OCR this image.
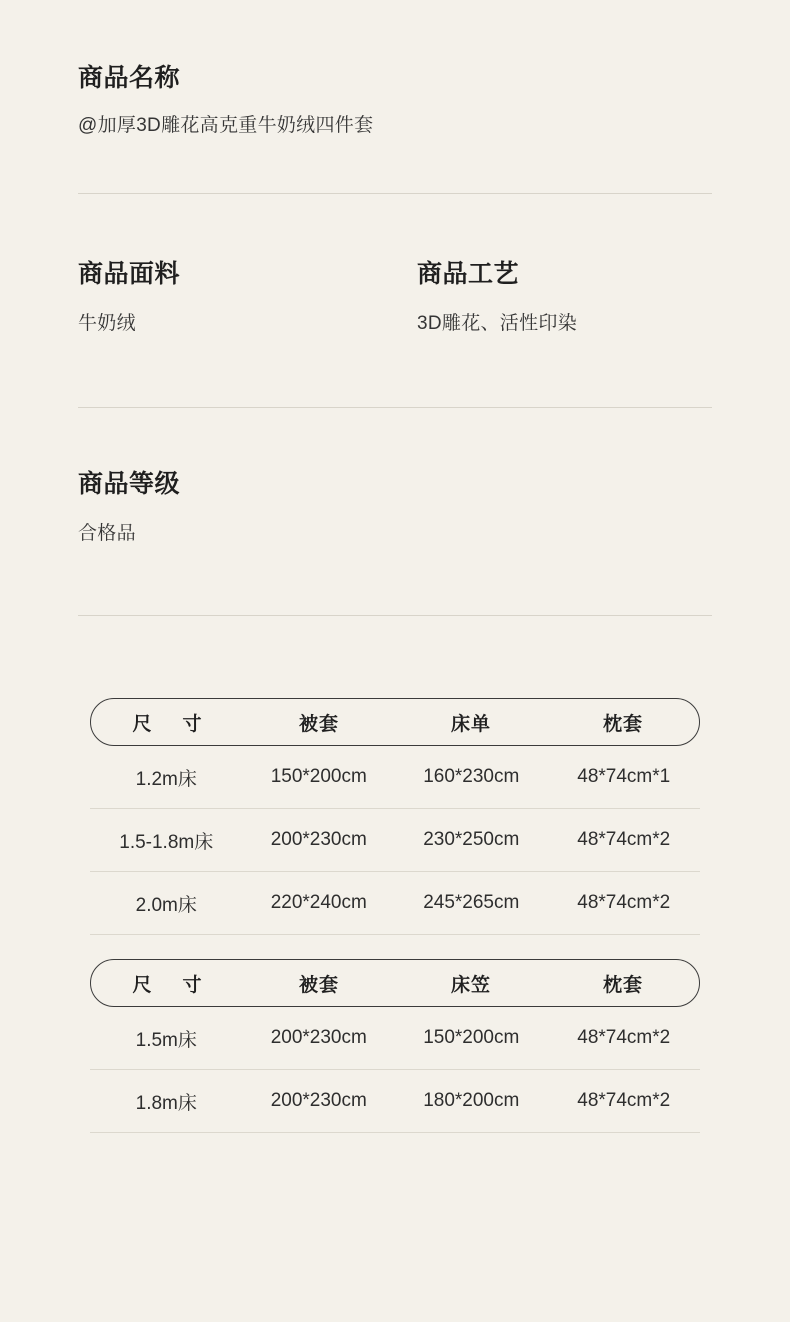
商品名称
@加厚3D雕花高克重牛奶绒四件套
商品面料
牛奶绒
商品工艺
3D雕花、活性印染
商品等级
合格品
尺　寸	被套	床单	枕套
1.2m床	150*200cm	160*230cm	48*74cm*1
1.5-1.8m床	200*230cm	230*250cm	48*74cm*2
2.0m床	220*240cm	245*265cm	48*74cm*2
尺　寸	被套	床笠	枕套
1.5m床	200*230cm	150*200cm	48*74cm*2
1.8m床	200*230cm	180*200cm	48*74cm*2
